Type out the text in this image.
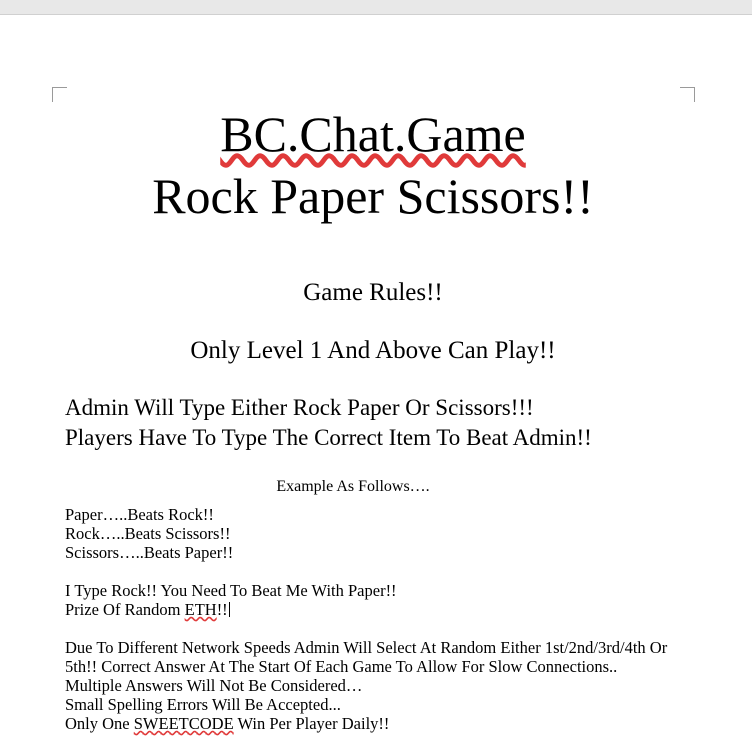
BC.Chat.Game
Rock Paper Scissors!!
Game Rules!!
Only Level 1 And Above Can Play!!
Admin Will Type Either Rock Paper Or Scissors!!!
Players Have To Type The Correct Item To Beat Admin!!
Example As Follows….
Paper…..Beats Rock!!
Rock…..Beats Scissors!!
Scissors…..Beats Paper!!
I Type Rock!! You Need To Beat Me With Paper!!
Prize Of Random ETH!!
Due To Different Network Speeds Admin Will Select At Random Either 1st/2nd/3rd/4th Or
5th!! Correct Answer At The Start Of Each Game To Allow For Slow Connections..
Multiple Answers Will Not Be Considered…
Small Spelling Errors Will Be Accepted...
Only One SWEETCODE Win Per Player Daily!!
